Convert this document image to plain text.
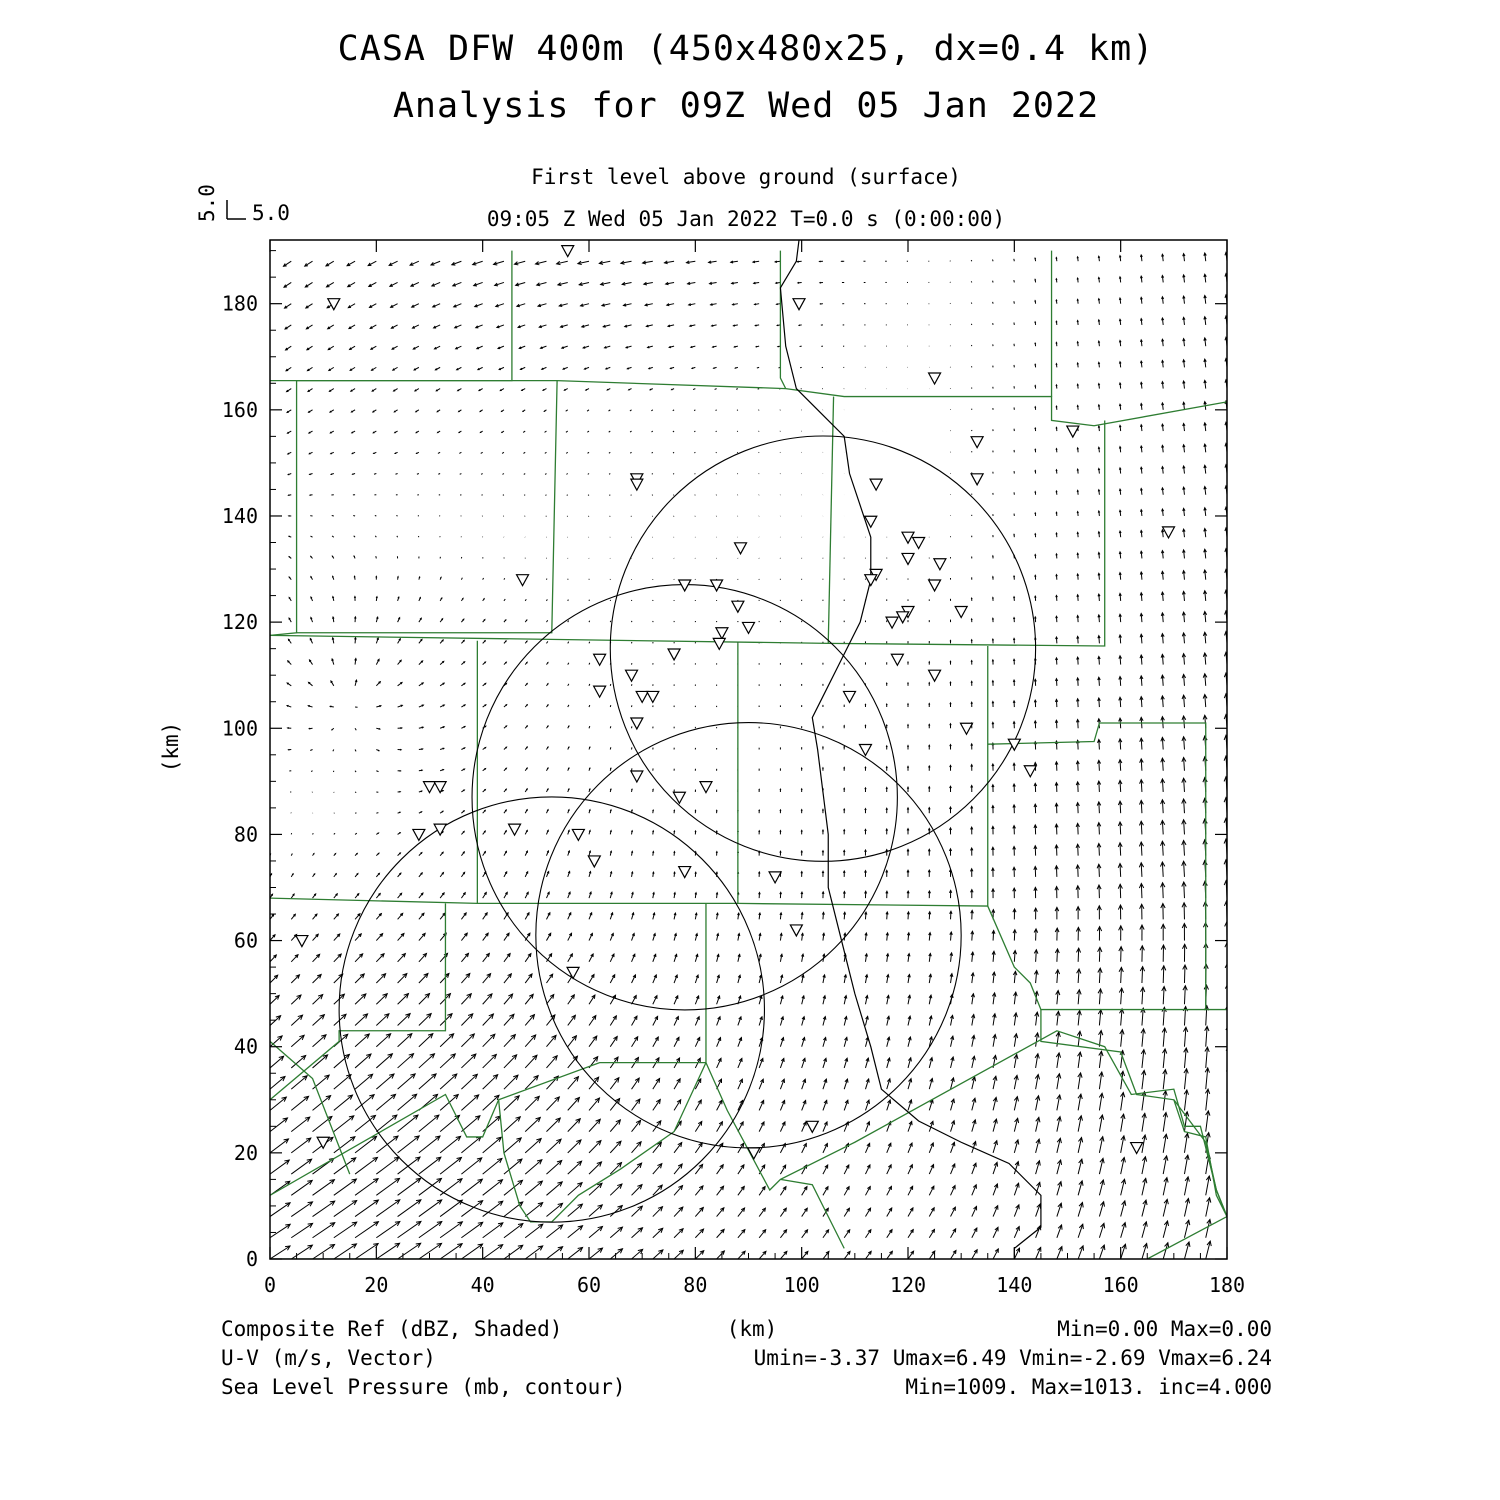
CASA DFW 400m (450x480x25, dx=0.4 km)
Analysis for 09Z Wed 05 Jan 2022
First level above ground (surface)
09:05 Z Wed 05 Jan 2022 T=0.0 s (0:00:00)
5.0 5.0
0	20	40	60	80	100	120	140	160	180
0
20
40
60
80
100
120
140
160
180
(km)
(km)
Composite Ref (dBZ, Shaded)	Min=0.00 Max=0.00
U-V (m/s, Vector)	Umin=-3.37 Umax=6.49 Vmin=-2.69 Vmax=6.24
Sea Level Pressure (mb, contour)	Min=1009. Max=1013. inc=4.000
